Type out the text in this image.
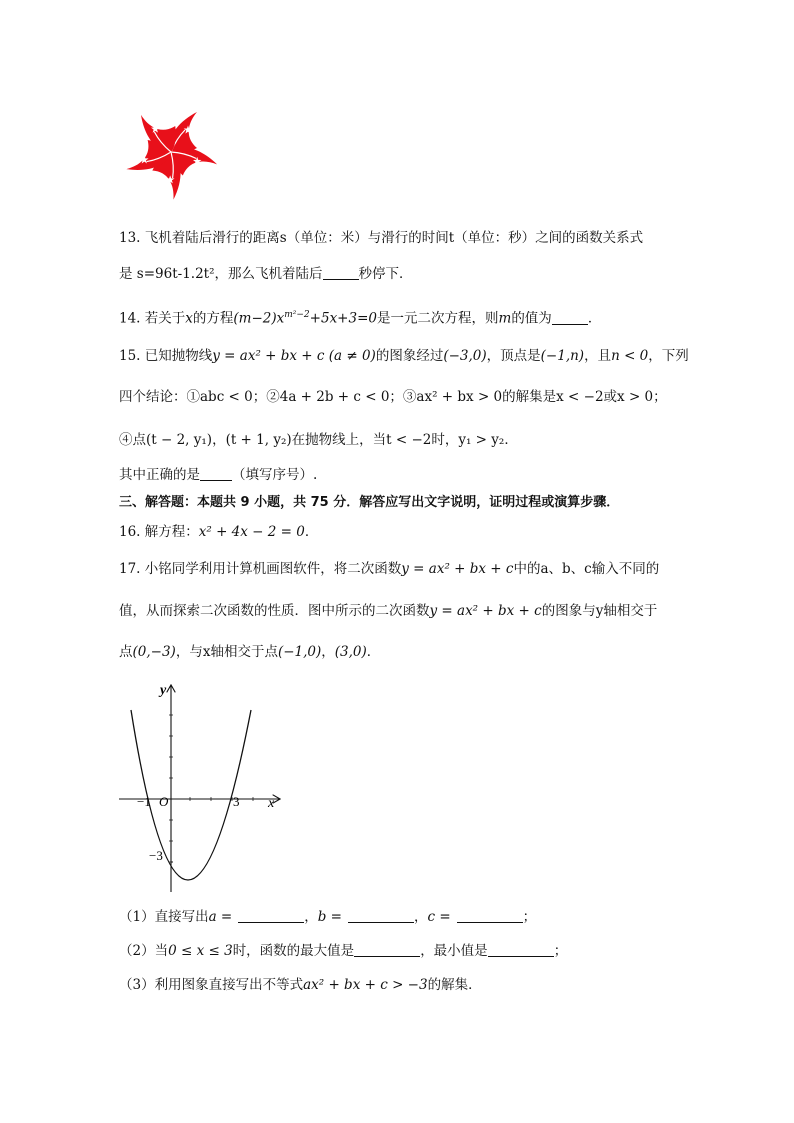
13. 飞机着陆后滑行的距离s（单位：米）与滑行的时间t（单位：秒）之间的函数关系式
是 s=96t-1.2t²，那么飞机着陆后	秒停下．
14. 若关于x的方程$(m-2)x^{m^2-2}+5x+3=0$是一元二次方程，则m的值为	．
15. 已知抛物线y = ax² + bx + c (a ≠ 0)的图象经过(−3,0)，顶点是(−1,n)，且n < 0，下列
四个结论：①abc < 0；②4a + 2b + c < 0；③ax² + bx > 0的解集是x < −2或x > 0；
④点(t − 2, y₁)，(t + 1, y₂)在抛物线上，当t < −2时，y₁ > y₂．
其中正确的是 （填写序号）.
三、解答题：本题共 9 小题，共 75 分．解答应写出文字说明，证明过程或演算步骤．
16. 解方程：x² + 4x − 2 = 0．
17. 小铭同学利用计算机画图软件，将二次函数y = ax² + bx + c中的a、b、c输入不同的
值，从而探索二次函数的性质．图中所示的二次函数y = ax² + bx + c的图象与y轴相交于
点(0,−3)，与x轴相交于点(−1,0)，(3,0)．
y
x
O
−1	3
−3
（1）直接写出a =	，b =	，c =	；
（2）当0 ≤ x ≤ 3时，函数的最大值是	，最小值是	；
（3）利用图象直接写出不等式ax² + bx + c > −3的解集．
